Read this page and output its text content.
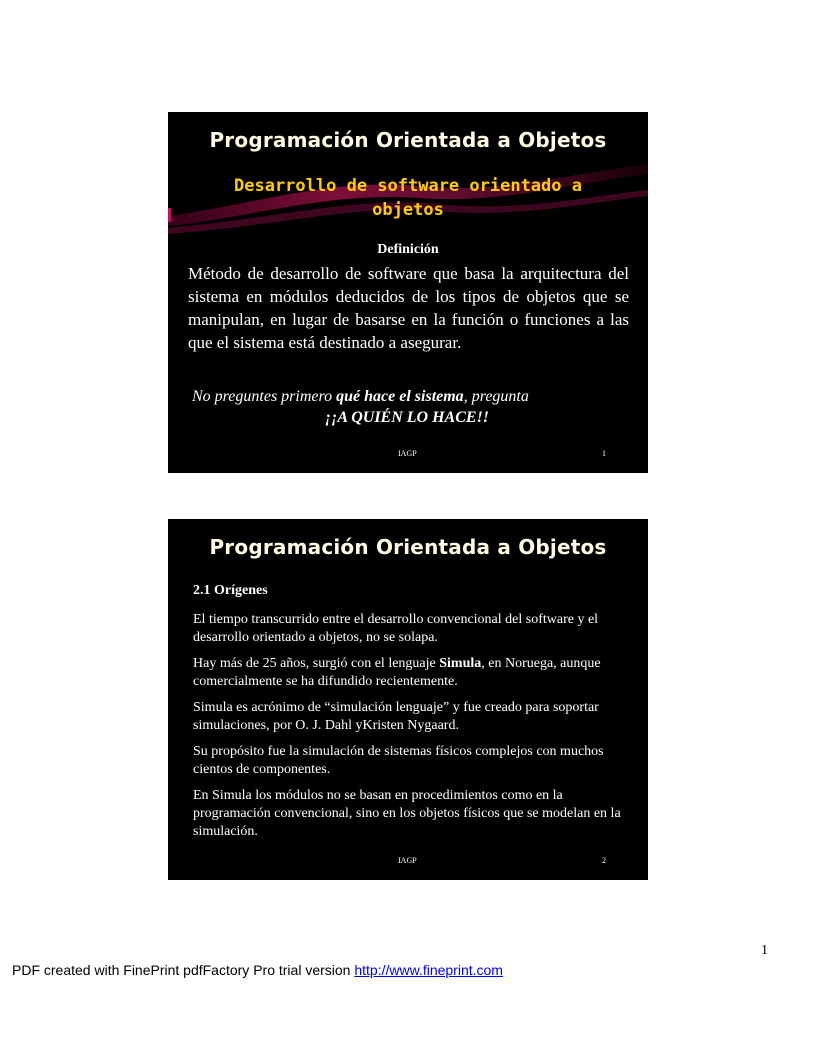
Programación Orientada a Objetos
Desarrollo de software orientado a objetos
Definición
Método de desarrollo de software que basa la arquitectura del sistema en módulos deducidos de los tipos de objetos que se manipulan, en lugar de basarse en la función o funciones a las que el sistema está destinado a asegurar.
No preguntes primero qué hace el sistema, pregunta
¡¡A QUIÉN LO HACE!!
IAGP	1
Programación Orientada a Objetos
2.1 Orígenes

El tiempo transcurrido entre el desarrollo convencional del software y el desarrollo orientado a objetos, no se solapa.

Hay más de 25 años, surgió con el lenguaje Simula, en Noruega, aunque comercialmente se ha difundido recientemente.

Simula es acrónimo de “simulación lenguaje” y fue creado para soportar simulaciones, por O. J. Dahl yKristen Nygaard.

Su propósito fue la simulación de sistemas físicos complejos con muchos cientos de componentes.

En Simula los módulos no se basan en procedimientos como en la programación convencional, sino en los objetos físicos que se modelan en la simulación.

IAGP	2
1
PDF created with FinePrint pdfFactory Pro trial version http://www.fineprint.com
